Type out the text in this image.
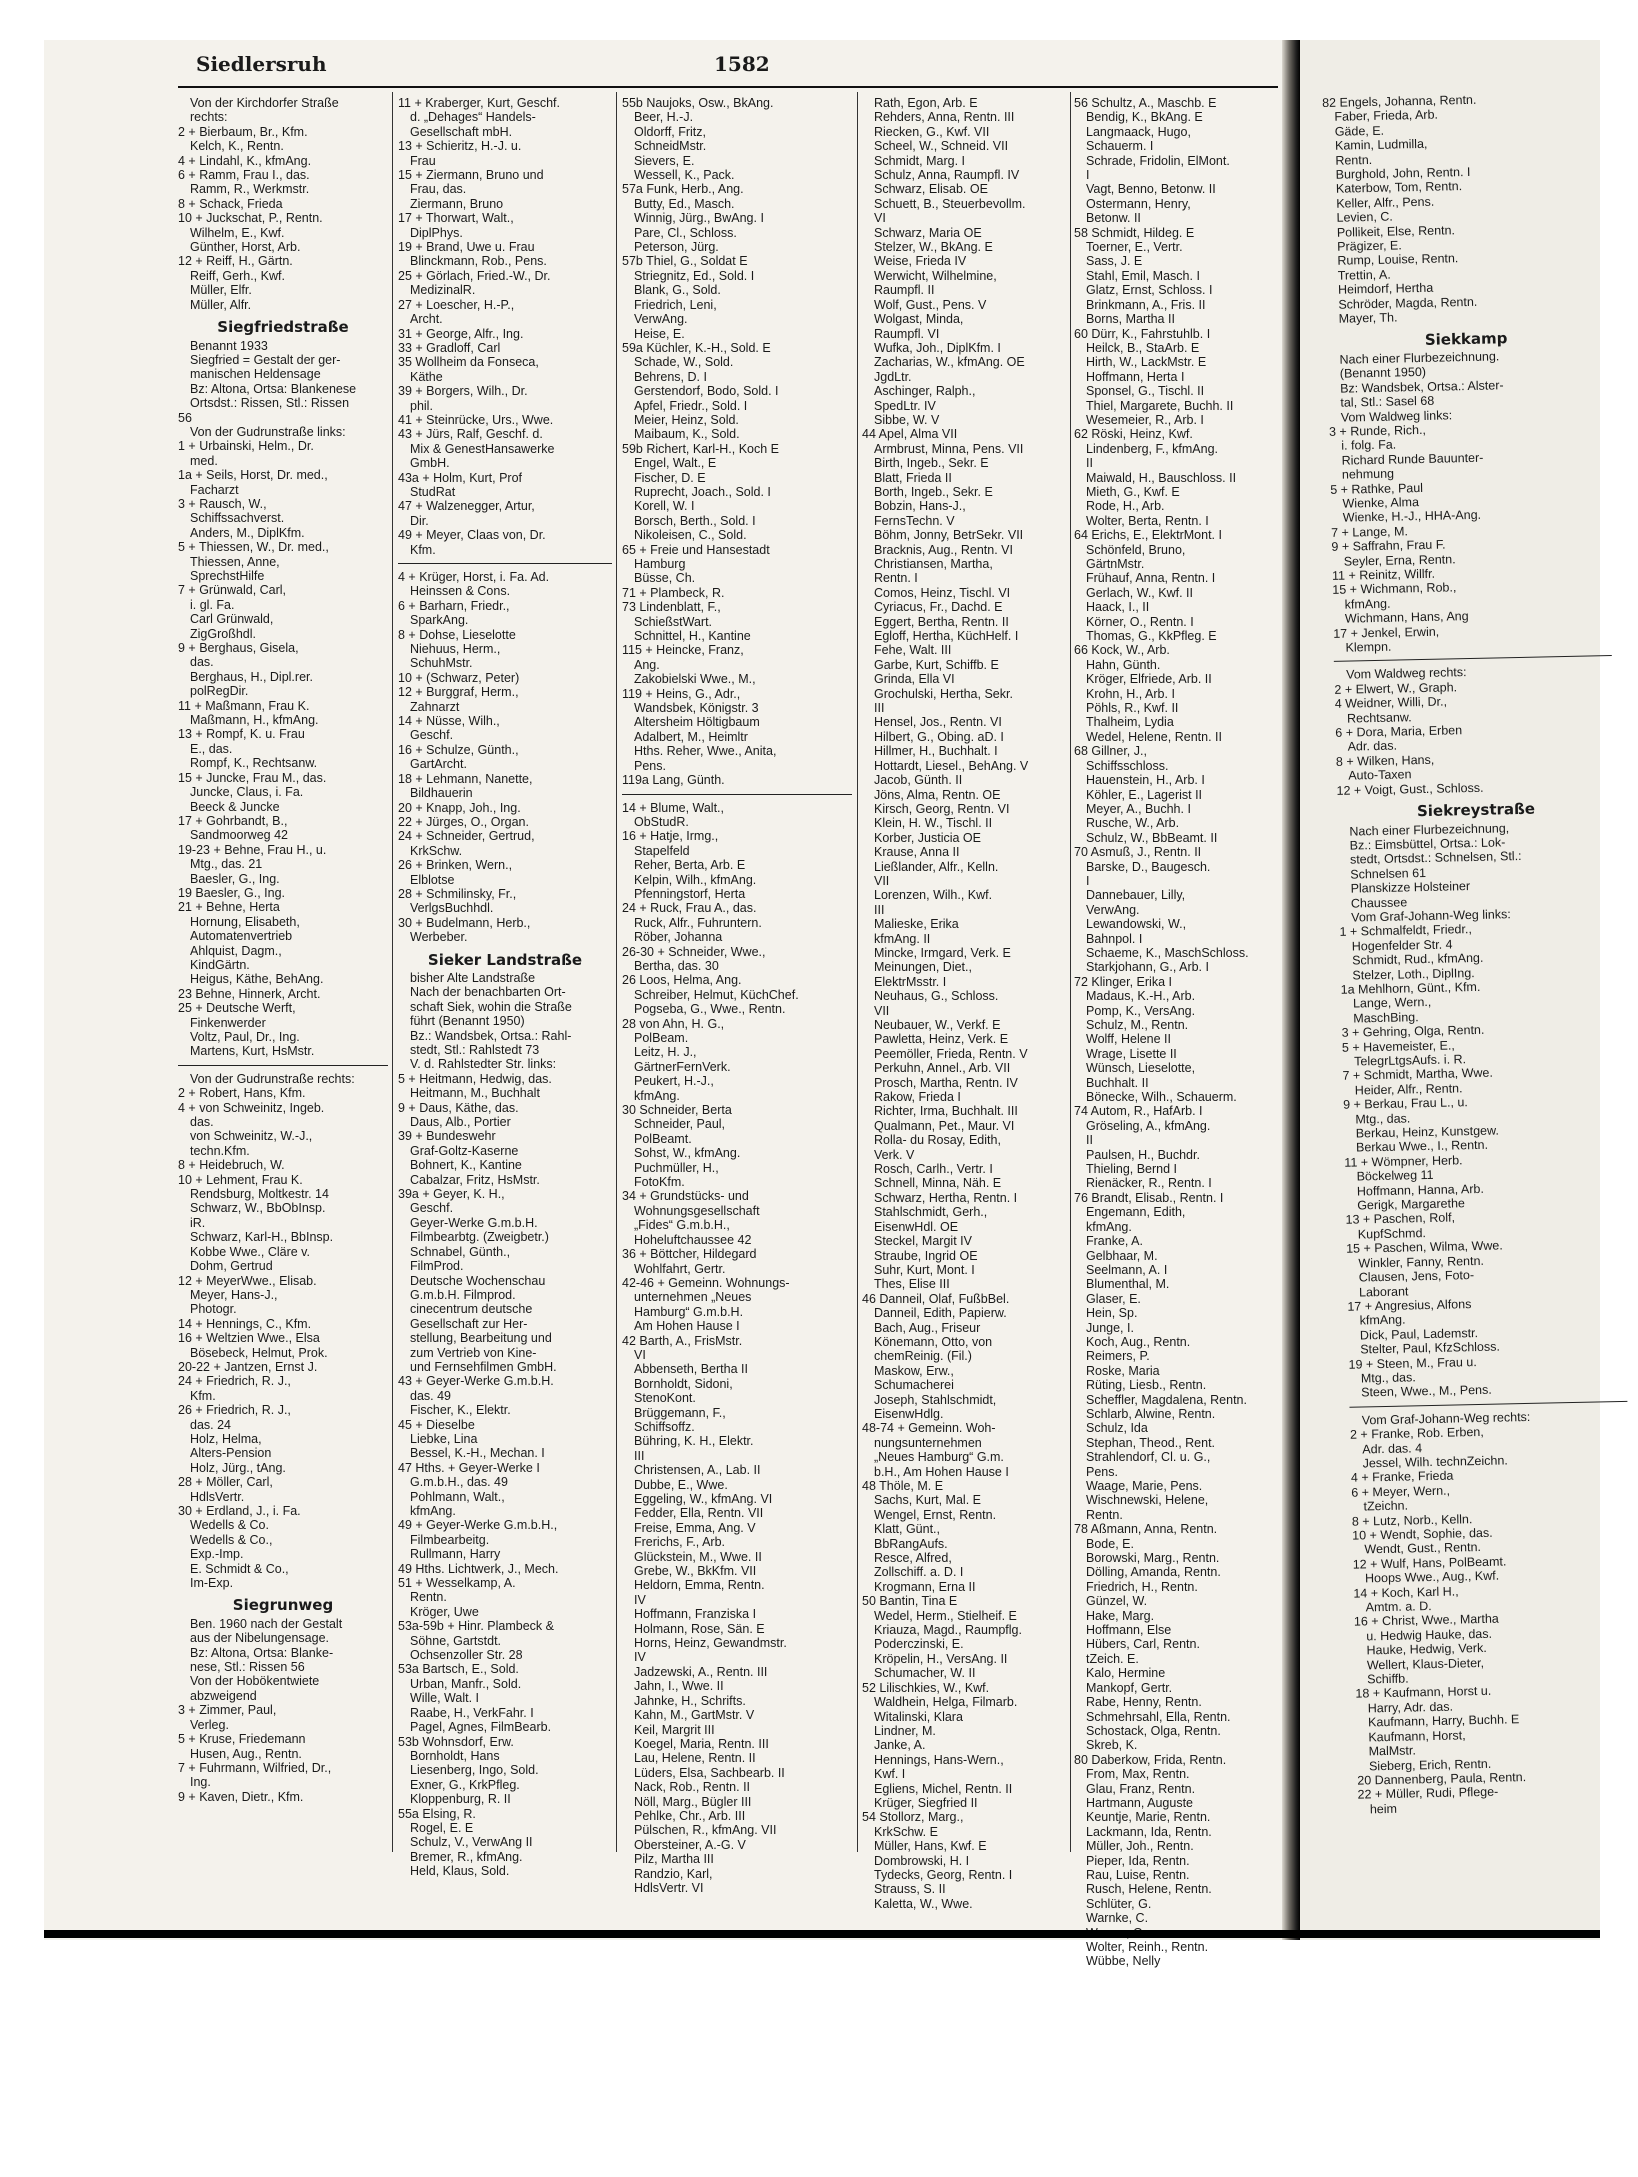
Siedlersruh	1582
Von der Kirchdorfer Straße
rechts:
2 + Bierbaum, Br., Kfm.
Kelch, K., Rentn.
4 + Lindahl, K., kfmAng.
6 + Ramm, Frau I., das.
Ramm, R., Werkmstr.
8 + Schack, Frieda
10 + Juckschat, P., Rentn.
Wilhelm, E., Kwf.
Günther, Horst, Arb.
12 + Reiff, H., Gärtn.
Reiff, Gerh., Kwf.
Müller, Elfr.
Müller, Alfr.
Siegfriedstraße
Benannt 1933
Siegfried = Gestalt der ger-
manischen Heldensage
Bz: Altona, Ortsa: Blankenese
Ortsdst.: Rissen, Stl.: Rissen
56
Von der Gudrunstraße links:
1 + Urbainski, Helm., Dr.
med.
1a + Seils, Horst, Dr. med.,
Facharzt
3 + Rausch, W.,
Schiffssachverst.
Anders, M., DiplKfm.
5 + Thiessen, W., Dr. med.,
Thiessen, Anne,
SprechstHilfe
7 + Grünwald, Carl,
i. gl. Fa.
Carl Grünwald,
ZigGroßhdl.
9 + Berghaus, Gisela,
das.
Berghaus, H., Dipl.rer.
polRegDir.
11 + Maßmann, Frau K.
Maßmann, H., kfmAng.
13 + Rompf, K. u. Frau
E., das.
Rompf, K., Rechtsanw.
15 + Juncke, Frau M., das.
Juncke, Claus, i. Fa.
Beeck & Juncke
17 + Gohrbandt, B.,
Sandmoorweg 42
19-23 + Behne, Frau H., u.
Mtg., das. 21
Baesler, G., Ing.
19 Baesler, G., Ing.
21 + Behne, Herta
Hornung, Elisabeth,
Automatenvertrieb
Ahlquist, Dagm.,
KindGärtn.
Heigus, Käthe, BehAng.
23 Behne, Hinnerk, Archt.
25 + Deutsche Werft,
Finkenwerder
Voltz, Paul, Dr., Ing.
Martens, Kurt, HsMstr.
Von der Gudrunstraße rechts:
2 + Robert, Hans, Kfm.
4 + von Schweinitz, Ingeb.
das.
von Schweinitz, W.-J.,
techn.Kfm.
8 + Heidebruch, W.
10 + Lehment, Frau K.
Rendsburg, Moltkestr. 14
Schwarz, W., BbObInsp.
iR.
Schwarz, Karl-H., BbInsp.
Kobbe Wwe., Cläre v.
Dohm, Gertrud
12 + MeyerWwe., Elisab.
Meyer, Hans-J.,
Photogr.
14 + Hennings, C., Kfm.
16 + Weltzien Wwe., Elsa
Bösebeck, Helmut, Prok.
20-22 + Jantzen, Ernst J.
24 + Friedrich, R. J.,
Kfm.
26 + Friedrich, R. J.,
das. 24
Holz, Helma,
Alters-Pension
Holz, Jürg., tAng.
28 + Möller, Carl,
HdlsVertr.
30 + Erdland, J., i. Fa.
Wedells & Co.
Wedells & Co.,
Exp.-Imp.
E. Schmidt & Co.,
Im-Exp.
Siegrunweg
Ben. 1960 nach der Gestalt
aus der Nibelungensage.
Bz: Altona, Ortsa: Blanke-
nese, Stl.: Rissen 56
Von der Hobökentwiete
abzweigend
3 + Zimmer, Paul,
Verleg.
5 + Kruse, Friedemann
Husen, Aug., Rentn.
7 + Fuhrmann, Wilfried, Dr.,
Ing.
9 + Kaven, Dietr., Kfm.
11 + Kraberger, Kurt, Geschf.
d. „Dehages“ Handels-
Gesellschaft mbH.
13 + Schieritz, H.-J. u.
Frau
15 + Ziermann, Bruno und
Frau, das.
Ziermann, Bruno
17 + Thorwart, Walt.,
DiplPhys.
19 + Brand, Uwe u. Frau
Blinckmann, Rob., Pens.
25 + Görlach, Fried.-W., Dr.
MedizinalR.
27 + Loescher, H.-P.,
Archt.
31 + George, Alfr., Ing.
33 + Gradloff, Carl
35 Wollheim da Fonseca,
Käthe
39 + Borgers, Wilh., Dr.
phil.
41 + Steinrücke, Urs., Wwe.
43 + Jürs, Ralf, Geschf. d.
Mix & GenestHansawerke
GmbH.
43a + Holm, Kurt, Prof
StudRat
47 + Walzenegger, Artur,
Dir.
49 + Meyer, Claas von, Dr.
Kfm.
4 + Krüger, Horst, i. Fa. Ad.
Heinssen & Cons.
6 + Barharn, Friedr.,
SparkAng.
8 + Dohse, Lieselotte
Niehuus, Herm.,
SchuhMstr.
10 + (Schwarz, Peter)
12 + Burggraf, Herm.,
Zahnarzt
14 + Nüsse, Wilh.,
Geschf.
16 + Schulze, Günth.,
GartArcht.
18 + Lehmann, Nanette,
Bildhauerin
20 + Knapp, Joh., Ing.
22 + Jürges, O., Organ.
24 + Schneider, Gertrud,
KrkSchw.
26 + Brinken, Wern.,
Elblotse
28 + Schmilinsky, Fr.,
VerlgsBuchhdl.
30 + Budelmann, Herb.,
Werbeber.
Sieker Landstraße
bisher Alte Landstraße
Nach der benachbarten Ort-
schaft Siek, wohin die Straße
führt (Benannt 1950)
Bz.: Wandsbek, Ortsa.: Rahl-
stedt, Stl.: Rahlstedt 73
V. d. Rahlstedter Str. links:
5 + Heitmann, Hedwig, das.
Heitmann, M., Buchhalt
9 + Daus, Käthe, das.
Daus, Alb., Portier
39 + Bundeswehr
Graf-Goltz-Kaserne
Bohnert, K., Kantine
Cabalzar, Fritz, HsMstr.
39a + Geyer, K. H.,
Geschf.
Geyer-Werke G.m.b.H.
Filmbearbtg. (Zweigbetr.)
Schnabel, Günth.,
FilmProd.
Deutsche Wochenschau
G.m.b.H. Filmprod.
cinecentrum deutsche
Gesellschaft zur Her-
stellung, Bearbeitung und
zum Vertrieb von Kine-
und Fernsehfilmen GmbH.
43 + Geyer-Werke G.m.b.H.
das. 49
Fischer, K., Elektr.
45 + Dieselbe
Liebke, Lina
Bessel, K.-H., Mechan. I
47 Hths. + Geyer-Werke I
G.m.b.H., das. 49
Pohlmann, Walt.,
kfmAng.
49 + Geyer-Werke G.m.b.H.,
Filmbearbeitg.
Rullmann, Harry
49 Hths. Lichtwerk, J., Mech.
51 + Wesselkamp, A.
Rentn.
Kröger, Uwe
53a-59b + Hinr. Plambeck &
Söhne, Gartstdt.
Ochsenzoller Str. 28
53a Bartsch, E., Sold.
Urban, Manfr., Sold.
Wille, Walt. I
Raabe, H., VerkFahr. I
Pagel, Agnes, FilmBearb.
53b Wohnsdorf, Erw.
Bornholdt, Hans
Liesenberg, Ingo, Sold.
Exner, G., KrkPfleg.
Kloppenburg, R. II
55a Elsing, R.
Rogel, E. E
Schulz, V., VerwAng II
Bremer, R., kfmAng.
Held, Klaus, Sold.
55b Naujoks, Osw., BkAng.
Beer, H.-J.
Oldorff, Fritz,
SchneidMstr.
Sievers, E.
Wessell, K., Pack.
57a Funk, Herb., Ang.
Butty, Ed., Masch.
Winnig, Jürg., BwAng. I
Pare, Cl., Schloss.
Peterson, Jürg.
57b Thiel, G., Soldat E
Striegnitz, Ed., Sold. I
Blank, G., Sold.
Friedrich, Leni,
VerwAng.
Heise, E.
59a Küchler, K.-H., Sold. E
Schade, W., Sold.
Behrens, D. I
Gerstendorf, Bodo, Sold. I
Apfel, Friedr., Sold. I
Meier, Heinz, Sold.
Maibaum, K., Sold.
59b Richert, Karl-H., Koch E
Engel, Walt., E
Fischer, D. E
Ruprecht, Joach., Sold. I
Korell, W. I
Borsch, Berth., Sold. I
Nikoleisen, C., Sold.
65 + Freie und Hansestadt
Hamburg
Büsse, Ch.
71 + Plambeck, R.
73 Lindenblatt, F.,
SchießstWart.
Schnittel, H., Kantine
115 + Heincke, Franz,
Ang.
Zakobielski Wwe., M.,
119 + Heins, G., Adr.,
Wandsbek, Königstr. 3
Altersheim Höltigbaum
Adalbert, M., Heimltr
Hths. Reher, Wwe., Anita,
Pens.
119a Lang, Günth.
14 + Blume, Walt.,
ObStudR.
16 + Hatje, Irmg.,
Stapelfeld
Reher, Berta, Arb. E
Kelpin, Wilh., kfmAng.
Pfenningstorf, Herta
24 + Ruck, Frau A., das.
Ruck, Alfr., Fuhruntern.
Röber, Johanna
26-30 + Schneider, Wwe.,
Bertha, das. 30
26 Loos, Helma, Ang.
Schreiber, Helmut, KüchChef.
Pogseba, G., Wwe., Rentn.
28 von Ahn, H. G.,
PolBeam.
Leitz, H. J.,
GärtnerFernVerk.
Peukert, H.-J.,
kfmAng.
30 Schneider, Berta
Schneider, Paul,
PolBeamt.
Sohst, W., kfmAng.
Puchmüller, H.,
FotoKfm.
34 + Grundstücks- und
Wohnungsgesellschaft
„Fides“ G.m.b.H.,
Hoheluftchaussee 42
36 + Böttcher, Hildegard
Wohlfahrt, Gertr.
42-46 + Gemeinn. Wohnungs-
unternehmen „Neues
Hamburg“ G.m.b.H.
Am Hohen Hause I
42 Barth, A., FrisMstr.
VI
Abbenseth, Bertha II
Bornholdt, Sidoni,
StenoKont.
Brüggemann, F.,
Schiffsoffz.
Bühring, K. H., Elektr.
III
Christensen, A., Lab. II
Dubbe, E., Wwe.
Eggeling, W., kfmAng. VI
Fedder, Ella, Rentn. VII
Freise, Emma, Ang. V
Frerichs, F., Arb.
Glückstein, M., Wwe. II
Grebe, W., BkKfm. VII
Heldorn, Emma, Rentn.
IV
Hoffmann, Franziska I
Holmann, Rose, Sän. E
Horns, Heinz, Gewandmstr.
IV
Jadzewski, A., Rentn. III
Jahn, I., Wwe. II
Jahnke, H., Schrifts.
Kahn, M., GartMstr. V
Keil, Margrit III
Koegel, Maria, Rentn. III
Lau, Helene, Rentn. II
Lüders, Elsa, Sachbearb. II
Nack, Rob., Rentn. II
Nöll, Marg., Bügler III
Pehlke, Chr., Arb. III
Pülschen, R., kfmAng. VII
Obersteiner, A.-G. V
Pilz, Martha III
Randzio, Karl,
HdlsVertr. VI
Rath, Egon, Arb. E
Rehders, Anna, Rentn. III
Riecken, G., Kwf. VII
Scheel, W., Schneid. VII
Schmidt, Marg. I
Schulz, Anna, Raumpfl. IV
Schwarz, Elisab. OE
Schuett, B., Steuerbevollm.
VI
Schwarz, Maria OE
Stelzer, W., BkAng. E
Weise, Frieda IV
Werwicht, Wilhelmine,
Raumpfl. II
Wolf, Gust., Pens. V
Wolgast, Minda,
Raumpfl. VI
Wufka, Joh., DiplKfm. I
Zacharias, W., kfmAng. OE
JgdLtr.
Aschinger, Ralph.,
SpedLtr. IV
Sibbe, W. V
44 Apel, Alma VII
Armbrust, Minna, Pens. VII
Birth, Ingeb., Sekr. E
Blatt, Frieda II
Borth, Ingeb., Sekr. E
Bobzin, Hans-J.,
FernsTechn. V
Böhm, Jonny, BetrSekr. VII
Bracknis, Aug., Rentn. VI
Christiansen, Martha,
Rentn. I
Comos, Heinz, Tischl. VI
Cyriacus, Fr., Dachd. E
Eggert, Bertha, Rentn. II
Egloff, Hertha, KüchHelf. I
Fehe, Walt. III
Garbe, Kurt, Schiffb. E
Grinda, Ella VI
Grochulski, Hertha, Sekr.
III
Hensel, Jos., Rentn. VI
Hilbert, G., Obing. aD. I
Hillmer, H., Buchhalt. I
Hottardt, Liesel., BehAng. V
Jacob, Günth. II
Jöns, Alma, Rentn. OE
Kirsch, Georg, Rentn. VI
Klein, H. W., Tischl. II
Korber, Justicia OE
Krause, Anna II
Ließlander, Alfr., Kelln.
VII
Lorenzen, Wilh., Kwf.
III
Malieske, Erika
kfmAng. II
Mincke, Irmgard, Verk. E
Meinungen, Diet.,
ElektrMsstr. I
Neuhaus, G., Schloss.
VII
Neubauer, W., Verkf. E
Pawletta, Heinz, Verk. E
Peemöller, Frieda, Rentn. V
Perkuhn, Annel., Arb. VII
Prosch, Martha, Rentn. IV
Rakow, Frieda I
Richter, Irma, Buchhalt. III
Qualmann, Pet., Maur. VI
Rolla- du Rosay, Edith,
Verk. V
Rosch, Carlh., Vertr. I
Schnell, Minna, Näh. E
Schwarz, Hertha, Rentn. I
Stahlschmidt, Gerh.,
EisenwHdl. OE
Steckel, Margit IV
Straube, Ingrid OE
Suhr, Kurt, Mont. I
Thes, Elise III
46 Danneil, Olaf, FußbBel.
Danneil, Edith, Papierw.
Bach, Aug., Friseur
Könemann, Otto, von
chemReinig. (Fil.)
Maskow, Erw.,
Schumacherei
Joseph, Stahlschmidt,
EisenwHdlg.
48-74 + Gemeinn. Woh-
nungsunternehmen
„Neues Hamburg“ G.m.
b.H., Am Hohen Hause I
48 Thöle, M. E
Sachs, Kurt, Mal. E
Wengel, Ernst, Rentn.
Klatt, Günt.,
BbRangAufs.
Resce, Alfred,
Zollschiff. a. D. I
Krogmann, Erna II
50 Bantin, Tina E
Wedel, Herm., Stielheif. E
Kriauza, Magd., Raumpflg.
Poderczinski, E.
Kröpelin, H., VersAng. II
Schumacher, W. II
52 Lilischkies, W., Kwf.
Waldhein, Helga, Filmarb.
Witalinski, Klara
Lindner, M.
Janke, A.
Hennings, Hans-Wern.,
Kwf. I
Egliens, Michel, Rentn. II
Krüger, Siegfried II
54 Stollorz, Marg.,
KrkSchw. E
Müller, Hans, Kwf. E
Dombrowski, H. I
Tydecks, Georg, Rentn. I
Strauss, S. II
Kaletta, W., Wwe.
56 Schultz, A., Maschb. E
Bendig, K., BkAng. E
Langmaack, Hugo,
Schauerm. I
Schrade, Fridolin, ElMont.
I
Vagt, Benno, Betonw. II
Ostermann, Henry,
Betonw. II
58 Schmidt, Hildeg. E
Toerner, E., Vertr.
Sass, J. E
Stahl, Emil, Masch. I
Glatz, Ernst, Schloss. I
Brinkmann, A., Fris. II
Borns, Martha II
60 Dürr, K., Fahrstuhlb. I
Heilck, B., StaArb. E
Hirth, W., LackMstr. E
Hoffmann, Herta I
Sponsel, G., Tischl. II
Thiel, Margarete, Buchh. II
Wesemeier, R., Arb. I
62 Röski, Heinz, Kwf.
Lindenberg, F., kfmAng.
II
Maiwald, H., Bauschloss. II
Mieth, G., Kwf. E
Rode, H., Arb.
Wolter, Berta, Rentn. I
64 Erichs, E., ElektrMont. I
Schönfeld, Bruno,
GärtnMstr.
Frühauf, Anna, Rentn. I
Gerlach, W., Kwf. II
Haack, I., II
Körner, O., Rentn. I
Thomas, G., KkPfleg. E
66 Kock, W., Arb.
Hahn, Günth.
Kröger, Elfriede, Arb. II
Krohn, H., Arb. I
Pöhls, R., Kwf. II
Thalheim, Lydia
Wedel, Helene, Rentn. II
68 Gillner, J.,
Schiffsschloss.
Hauenstein, H., Arb. I
Köhler, E., Lagerist II
Meyer, A., Buchh. I
Rusche, W., Arb.
Schulz, W., BbBeamt. II
70 Asmuß, J., Rentn. II
Barske, D., Baugesch.
I
Dannebauer, Lilly,
VerwAng.
Lewandowski, W.,
Bahnpol. I
Schaeme, K., MaschSchloss.
Starkjohann, G., Arb. I
72 Klinger, Erika I
Madaus, K.-H., Arb.
Pomp, K., VersAng.
Schulz, M., Rentn.
Wolff, Helene II
Wrage, Lisette II
Wünsch, Lieselotte,
Buchhalt. II
Bönecke, Wilh., Schauerm.
74 Autom, R., HafArb. I
Gröseling, A., kfmAng.
II
Paulsen, H., Buchdr.
Thieling, Bernd I
Rienäcker, R., Rentn. I
76 Brandt, Elisab., Rentn. I
Engemann, Edith,
kfmAng.
Franke, A.
Gelbhaar, M.
Seelmann, A. I
Blumenthal, M.
Glaser, E.
Hein, Sp.
Junge, I.
Koch, Aug., Rentn.
Reimers, P.
Roske, Maria
Rüting, Liesb., Rentn.
Scheffler, Magdalena, Rentn.
Schlarb, Alwine, Rentn.
Schulz, Ida
Stephan, Theod., Rent.
Strahlendorf, Cl. u. G.,
Pens.
Waage, Marie, Pens.
Wischnewski, Helene,
Rentn.
78 Aßmann, Anna, Rentn.
Bode, E.
Borowski, Marg., Rentn.
Dölling, Amanda, Rentn.
Friedrich, H., Rentn.
Günzel, W.
Hake, Marg.
Hoffmann, Else
Hübers, Carl, Rentn.
tZeich. E.
Kalo, Hermine
Mankopf, Gertr.
Rabe, Henny, Rentn.
Schmehrsahl, Ella, Rentn.
Schostack, Olga, Rentn.
Skreb, K.
80 Daberkow, Frida, Rentn.
From, Max, Rentn.
Glau, Franz, Rentn.
Hartmann, Auguste
Keuntje, Marie, Rentn.
Lackmann, Ida, Rentn.
Müller, Joh., Rentn.
Pieper, Ida, Rentn.
Rau, Luise, Rentn.
Rusch, Helene, Rentn.
Schlüter, G.
Warnke, C.
Wolter, Reinh., Rentn.
Wübbe, Nelly
82 Engels, Johanna, Rentn.
Faber, Frieda, Arb.
Gäde, E.
Kamin, Ludmilla,
Rentn.
Burghold, John, Rentn. I
Katerbow, Tom, Rentn.
Keller, Alfr., Pens.
Levien, C.
Pollikeit, Else, Rentn.
Prägizer, E.
Rump, Louise, Rentn.
Trettin, A.
Heimdorf, Hertha
Schröder, Magda, Rentn.
Mayer, Th.
Siekkamp
Nach einer Flurbezeichnung.
(Benannt 1950)
Bz: Wandsbek, Ortsa.: Alster-
tal, Stl.: Sasel 68
Vom Waldweg links:
3 + Runde, Rich.,
i. folg. Fa.
Richard Runde Bauunter-
nehmung
5 + Rathke, Paul
Wienke, Alma
Wienke, H.-J., HHA-Ang.
7 + Lange, M.
9 + Saffrahn, Frau F.
Seyler, Erna, Rentn.
11 + Reinitz, Willfr.
15 + Wichmann, Rob.,
kfmAng.
Wichmann, Hans, Ang
17 + Jenkel, Erwin,
Klempn.
Vom Waldweg rechts:
2 + Elwert, W., Graph.
4 Weidner, Willi, Dr.,
Rechtsanw.
6 + Dora, Maria, Erben
Adr. das.
8 + Wilken, Hans,
Auto-Taxen
12 + Voigt, Gust., Schloss.
Siekreystraße
Nach einer Flurbezeichnung,
Bz.: Eimsbüttel, Ortsa.: Lok-
stedt, Ortsdst.: Schnelsen, Stl.:
Schnelsen 61
Planskizze Holsteiner
Chaussee
Vom Graf-Johann-Weg links:
1 + Schmalfeldt, Friedr.,
Hogenfelder Str. 4
Schmidt, Rud., kfmAng.
Stelzer, Loth., DiplIng.
1a Mehlhorn, Günt., Kfm.
Lange, Wern.,
MaschBing.
3 + Gehring, Olga, Rentn.
5 + Havemeister, E.,
TelegrLtgsAufs. i. R.
7 + Schmidt, Martha, Wwe.
Heider, Alfr., Rentn.
9 + Berkau, Frau L., u.
Mtg., das.
Berkau, Heinz, Kunstgew.
Berkau Wwe., I., Rentn.
11 + Wömpner, Herb.
Böckelweg 11
Hoffmann, Hanna, Arb.
Gerigk, Margarethe
13 + Paschen, Rolf,
KupfSchmd.
15 + Paschen, Wilma, Wwe.
Winkler, Fanny, Rentn.
Clausen, Jens, Foto-
Laborant
17 + Angresius, Alfons
kfmAng.
Dick, Paul, Lademstr.
Stelter, Paul, KfzSchloss.
19 + Steen, M., Frau u.
Mtg., das.
Steen, Wwe., M., Pens.
Vom Graf-Johann-Weg rechts:
2 + Franke, Rob. Erben,
Adr. das. 4
Jessel, Wilh. technZeichn.
4 + Franke, Frieda
6 + Meyer, Wern.,
tZeichn.
8 + Lutz, Norb., Kelln.
10 + Wendt, Sophie, das.
Wendt, Gust., Rentn.
12 + Wulf, Hans, PolBeamt.
Hoops Wwe., Aug., Kwf.
14 + Koch, Karl H.,
Amtm. a. D.
16 + Christ, Wwe., Martha
u. Hedwig Hauke, das.
Hauke, Hedwig, Verk.
Wellert, Klaus-Dieter,
Schiffb.
18 + Kaufmann, Horst u.
Harry, Adr. das.
Kaufmann, Harry, Buchh. E
Kaufmann, Horst,
MalMstr.
Sieberg, Erich, Rentn.
20 Dannenberg, Paula, Rentn.
22 + Müller, Rudi, Pflege-
heim
